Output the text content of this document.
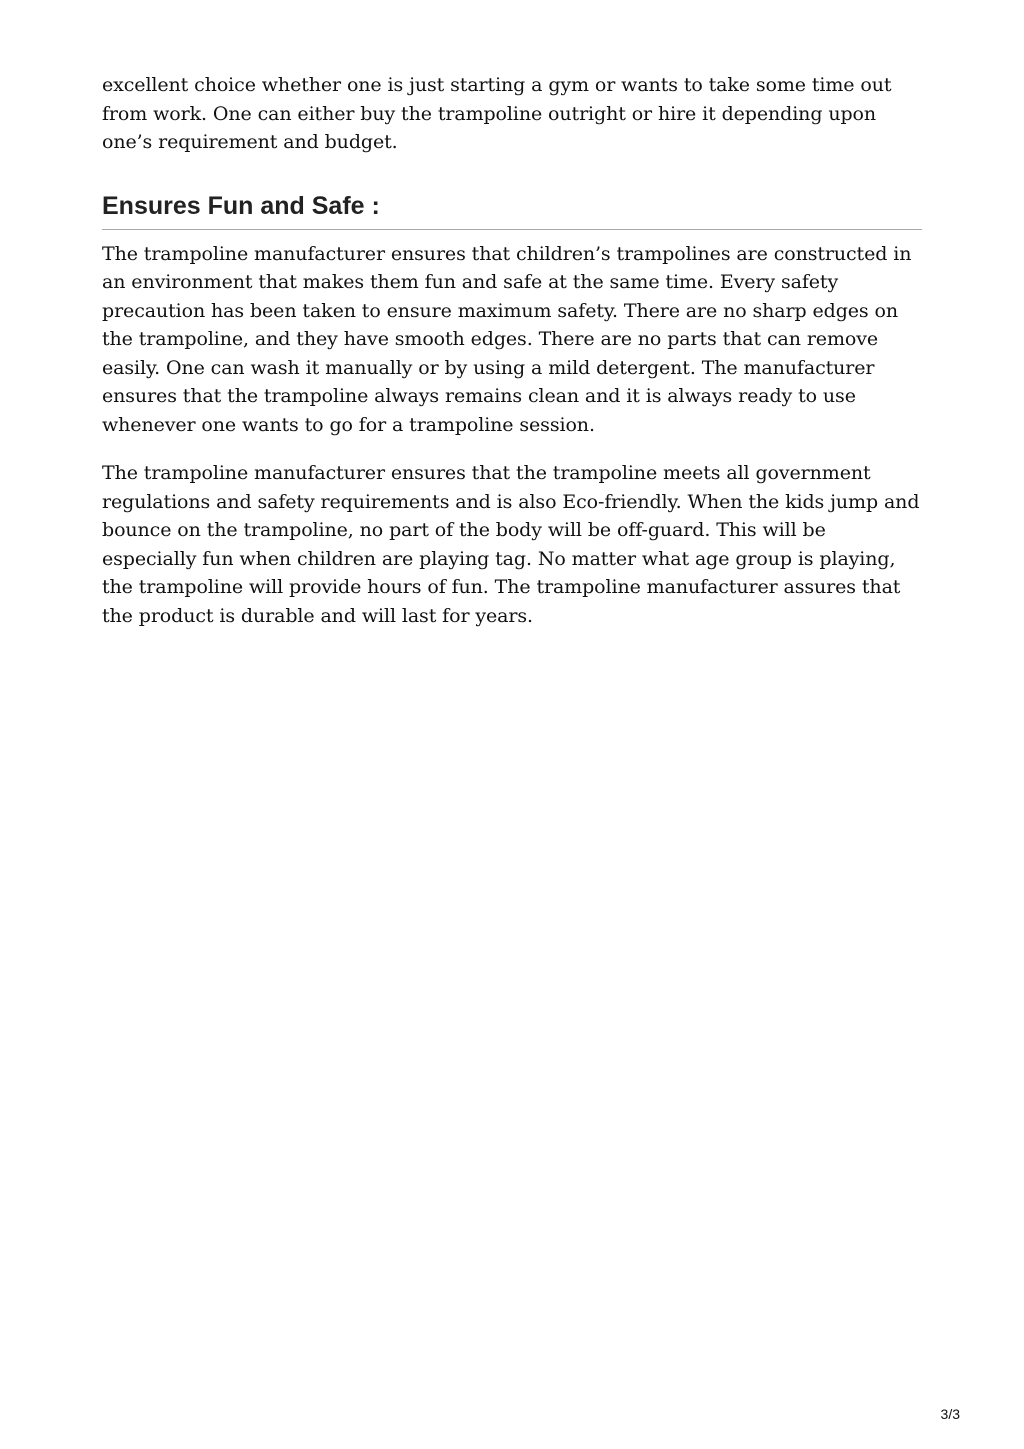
excellent choice whether one is just starting a gym or wants to take some time out from work. One can either buy the trampoline outright or hire it depending upon one’s requirement and budget.

Ensures Fun and Safe :

The trampoline manufacturer ensures that children’s trampolines are constructed in an environment that makes them fun and safe at the same time. Every safety precaution has been taken to ensure maximum safety. There are no sharp edges on the trampoline, and they have smooth edges. There are no parts that can remove easily. One can wash it manually or by using a mild detergent. The manufacturer ensures that the trampoline always remains clean and it is always ready to use whenever one wants to go for a trampoline session.

The trampoline manufacturer ensures that the trampoline meets all government regulations and safety requirements and is also Eco-friendly. When the kids jump and bounce on the trampoline, no part of the body will be off-guard. This will be especially fun when children are playing tag. No matter what age group is playing, the trampoline will provide hours of fun. The trampoline manufacturer assures that the product is durable and will last for years.

3/3
